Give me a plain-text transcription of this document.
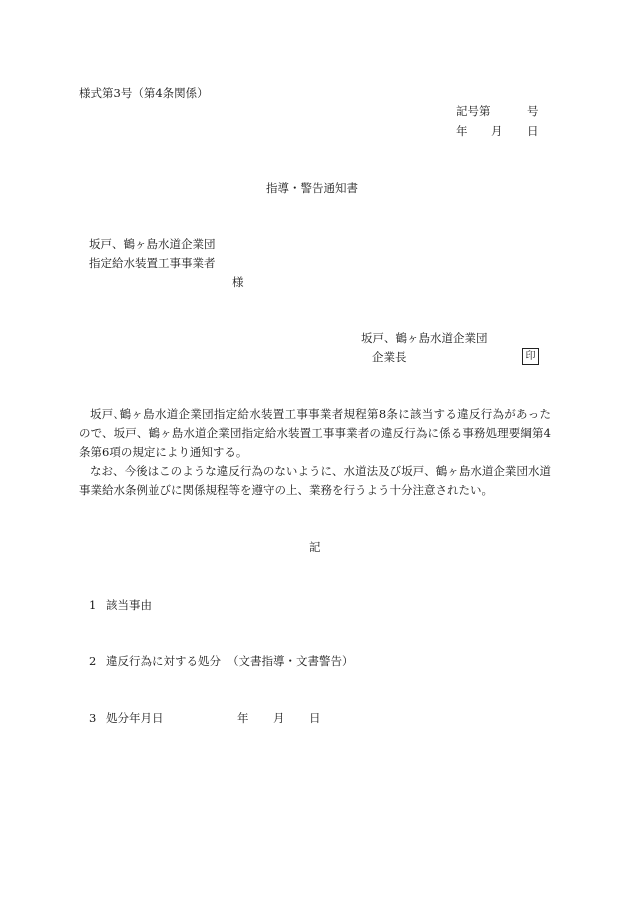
様式第3号（第4条関係）
記号第	号
年 月 日
指導・警告通知書
坂戸、鶴ヶ島水道企業団
指定給水装置工事事業者
様
坂戸、鶴ヶ島水道企業団
企業長	印

坂戸､鶴ヶ島水道企業団指定給水装置工事事業者規程第8条に該当する違反行為があったので、坂戸、鶴ヶ島水道企業団指定給水装置工事事業者の違反行為に係る事務処理要綱第4条第6項の規定により通知する。

なお、今後はこのような違反行為のないように、水道法及び坂戸、鶴ヶ島水道企業団水道事業給水条例並びに関係規程等を遵守の上、業務を行うよう十分注意されたい。

記
1 該当事由
2 違反行為に対する処分 （文書指導・文書警告）
3 処分年月日	年 月 日
